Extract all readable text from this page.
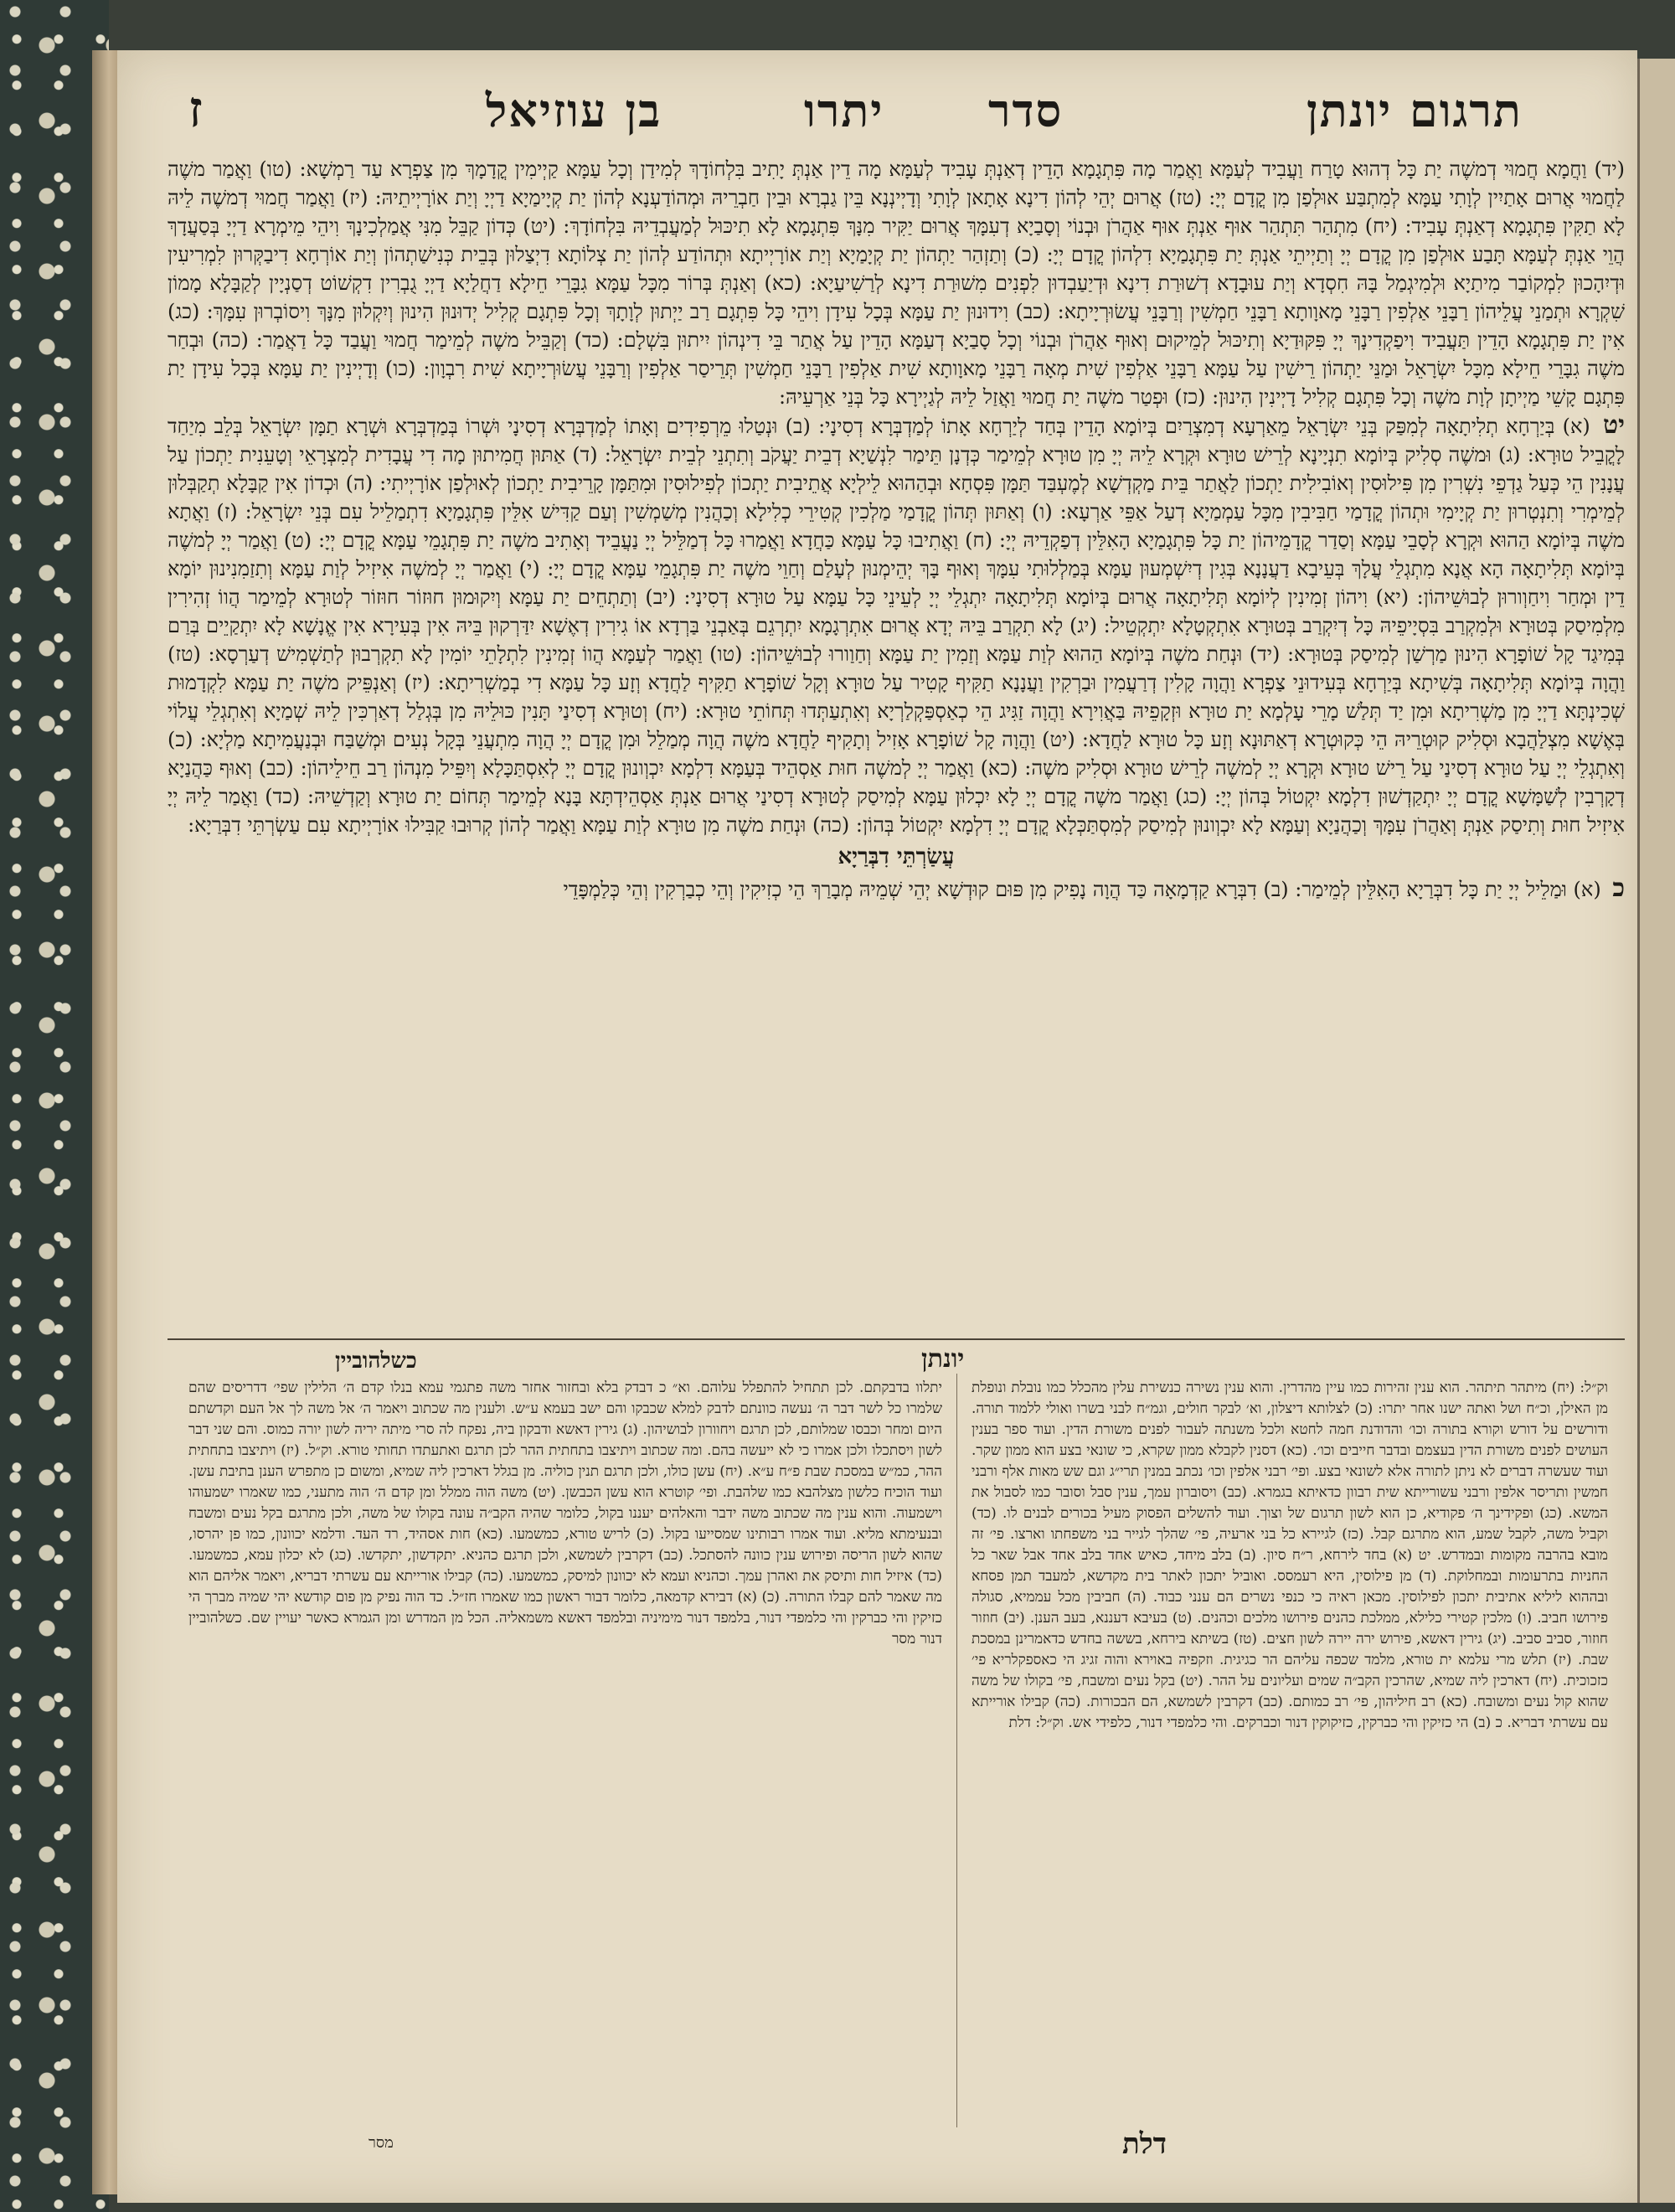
תרגום יונתן
סדר
יתרו
בן עוזיאל
ז

(יד) וַחֲמָא חֲמוּי דְמשֶׁה יַת כָּל דְהוּא טָרַח וַעֲבִיד לְעַמָּא וַאֲמַר מָה פִּתְגָמָא הָדֵין דְאַנְתְּ עָבִיד לְעַמָּא מָה דֵין אַנְתְּ יָתִיב בִּלְחוֹדָךְ לְמִידַן וְכָל עַמָּא קַיְימִין קֳדָמָךְ מִן צַפְרָא עַד רַמְשָׁא: (טו) וַאֲמַר משֶׁה לַחֲמוּי אֲרוּם אָתַיִין לְוָתִי עַמָּא לְמִתְבַּע אוּלְפַן מִן קֳדָם יְיָ: (טז) אֲרוּם יְהֵי לְהוֹן דִינָא אָתָאן לְוָתִי וְדָיְינְנָא בֵּין גַבְרָא וּבֵין חַבְרֵיהּ וּמְהוֹדַעְנָא לְהוֹן יַת קְיָימַיָא דַיְיָ וְיַת אוֹרָיְיתֵיהּ: (יז) וַאֲמַר חֲמוּי דְמשֶׁה לֵיהּ לָא תַקִּין פִּתְגָמָא דְאַנְתְּ עָבִיד: (יח) מִתְהַר תִּתְהַר אוּף אַנְתְּ אוּף אַהֲרֹן וּבְנוֹי וְסָבַיָא דְעִמָּךְ אֲרוּם יַקִּיר מִנָּךְ פִּתְגָמָא לָא תִיכּוּל לְמַעֲבְדֵיהּ בִּלְחוֹדָךְ: (יט) כְּדוֹן קַבֵּל מִנִּי אֲמַלְכִינָךְ וִיהֵי מֵימְרָא דַיְיָ בְּסַעֲדָךְ הֲוֵי אַנְתְּ לְעַמָּא תָּבַע אוּלְפַן מִן קֳדָם יְיָ וְתַיְיתֵי אַנְתְּ יַת פִּתְגָמַיָא דִלְהוֹן קֳדָם יְיָ: (כ) וְתַזְהַר יַתְהוֹן יַת קְיָמַיָא וְיַת אוֹרָיְיתָא וּתְהוֹדַע לְהוֹן יַת צְלוֹתָא דִיְצַלוּן בְּבֵית כְּנִישַׁתְהוֹן וְיַת אוֹרְחָא דִיבַקְּרוּן לִמְרִיעִין וּדְיִהָכוּן לִמְקוֹבַר מִיתַיָא וּלְמִיגְמַל בָּהּ חִסְדָא וְיַת עוּבָדָא דְשׁוּרַת דִינָא וּדְיַעַבְדוּן לִפְנִים מִשׁוּרַת דִינָא לְרַשִׁיעַיָא: (כא) וְאַנְתְּ בְּרוֹר מִכָּל עַמָּא גִבָּרֵי חֵילָא דַחֲלַיָא דַיְיָ גֻבְרִין דִקְשׁוֹט דְסַנְיָין לְקַבָּלָא מָמוֹן שִׁקְרָא וּתְמַנֵי עֲלֵיהוֹן רַבָּנֵי אַלְפִין רַבָּנֵי מָאוָותָא רַבָּנֵי חַמְשִׁין וְרַבָּנֵי עֲשׂוּרְיָיתָא: (כב) וִידוּנוּן יַת עַמָּא בְּכָל עִידָן וִיהֵי כָּל פִּתְגָם רַב יַיְתוּן לְוָתָךְ וְכָל פִּתְגָם קְלִיל יְדוּנוּן הִינוּן וְיִקְלוּן מִנָּךְ וִיסוֹבְרוּן עִמָּךְ: (כג) אִין יַת פִּתְגָמָא הָדֵין תַּעֲבִיד וִיפַקְדִינָךְ יְיָ פִּקּוּדַיָא וְתִיכּוּל לְמֵיקוּם וְאוּף אַהֲרֹן וּבְנוֹי וְכָל סָבַיָא דְעַמָּא הָדֵין עַל אֲתַר בֵּי דִינְהוֹן יִיתוּן בִּשְׁלָם: (כד) וְקַבֵּיל משֶׁה לְמֵימַר חֲמוּי וַעֲבַד כָּל דַאֲמַר: (כה) וּבְחַר משֶׁה גִבָּרֵי חֵילָא מִכָּל יִשְׂרָאֵל וּמַנֵּי יַתְהוֹן רֵישִׁין עַל עַמָּא רַבָּנֵי אַלְפִין שִׁית מְאָה רַבָּנֵי מָאוָותָא שִׁית אַלְפִין רַבָּנֵי חַמְשִׁין תְּרֵיסַר אַלְפִין וְרַבָּנֵי עֲשׂוּרְיָיתָא שִׁית רִבְוָון: (כו) וְדָיְינִין יַת עַמָּא בְּכָל עִידָן יַת פִּתְגָם קָשֵׁי מַיְיתָן לְוָת משֶׁה וְכָל פִּתְגָם קְלִיל דָיְינִין הִינוּן: (כז) וּפְטַר משֶׁה יַת חֲמוּי וַאֲזַל לֵיהּ לְגַיְירָא כָּל בְּנֵי אַרְעֵיהּ:

יט (א) בְּיַרְחָא תְלִיתָאָה לְמִפַּק בְּנֵי יִשְׂרָאֵל מֵאַרְעָא דְמִצְרַיִם בְּיוֹמָא הָדֵין בְּחַד לְיַרְחָא אָתוֹ לְמַדְבְּרָא דְסִינָי: (ב) וּנְטַלוּ מֵרְפִידִים וְאָתוֹ לְמַדְבְּרָא דְסִינָי וּשְׁרוֹ בְּמַדְבְּרָא וּשְׁרָא תַמָּן יִשְׂרָאֵל בְּלֵב מִיַחַד לָקֳבֵיל טוּרָא: (ג) וּמשֶׁה סְלִיק בְּיוֹמָא תִנְיָינָא לְרֵישׁ טוּרָא וּקְרָא לֵיהּ יְיָ מִן טוּרָא לְמֵימַר כְּדְנָן תֵּימַר לִנְשַׁיָא דְבֵית יַעֲקֹב וְתִתְנֵי לְבֵית יִשְׂרָאֵל: (ד) אַתּוּן חֲמִיתוּן מָה דִי עֲבָדִית לְמִצְרָאֵי וְטָעֵנִית יַתְכוֹן עַל עֲנָנִין הֵי כְּעַל גַדְפֵי נִשְׁרִין מִן פִּילוּסִין וְאוֹבִילִית יַתְכוֹן לַאֲתַר בֵּית מַקְדְשָׁא לְמֶעְבַּד תַּמָּן פִּסְחָא וּבְהַהוּא לֵילְיָא אֲתֵיבִית יַתְכוֹן לְפִילוּסִין וּמִתַּמָּן קָרֵיבִית יַתְכוֹן לְאוּלְפַן אוֹרָיְיתִי: (ה) וּכְדוֹן אִין קַבָּלָא תְקַבְּלוּן לְמֵימְרִי וְתִנְטְרוּן יַת קְיָימִי וּתְהוֹן קֳדָמַי חַבִּיבִין מִכָּל עַמְמַיָא דְעַל אַפֵּי אַרְעָא: (ו) וְאַתּוּן תְּהוֹן קֳדָמַי מַלְכִין קְטִירֵי כְלִילָא וְכַהֲנִין מְשַׁמְשִׁין וְעַם קַדִּישׁ אִלֵּין פִּתְגָמַיָא דִתְמַלֵיל עִם בְּנֵי יִשְׂרָאֵל: (ז) וַאֲתָא משֶׁה בְּיוֹמָא הַהוּא וּקְרָא לְסָבֵי עַמָּא וְסַדַר קֳדָמֵיהוֹן יַת כָּל פִּתְגָמַיָא הָאִלֵּין דְפַקְדֵיהּ יְיָ: (ח) וַאֲתִיבוּ כָּל עַמָּא כַּחֲדָא וַאֲמַרוּ כָּל דְמַלֵּיל יְיָ נַעֲבֵיד וְאָתִיב משֶׁה יַת פִּתְגָמֵי עַמָּא קֳדָם יְיָ: (ט) וַאֲמַר יְיָ לְמשֶׁה בְּיוֹמָא תְּלִיתָאָה הָא אֲנָא מִתְגְלֵי עֲלָךְ בְּעֵיבָא דַעֲנָנָא בְּגִין דְיִשְׁמְעוּן עַמָּא בְּמַלְלוּתִי עִמָּךְ וְאוּף בָּךְ יְהֵימְנוּן לְעָלַם וְחַוֵי משֶׁה יַת פִּתְגָמֵי עַמָּא קֳדָם יְיָ: (י) וַאֲמַר יְיָ לְמשֶׁה אִיזִיל לְוַת עַמָּא וְתִזַמִנִינוּן יוֹמָא דֵין וּמְחַר וִיחַוְורוּן לְבוּשֵׁיהוֹן: (יא) וִיהוֹן זְמִינִין לְיוֹמָא תְּלִיתָאָה אֲרוּם בְּיוֹמָא תְּלִיתָאָה יִתְגְלֵי יְיָ לְעֵינֵי כָּל עַמָּא עַל טוּרָא דְסִינָי: (יב) וְתַתְחֵים יַת עַמָּא וְיִקוּמוּן חוּזוֹר חוּזוֹר לְטוּרָא לְמֵימַר הֲווֹ זְהִירִין מִלְמִיסַק בְּטוּרָא וּלְמִקְרַב בִּסְיָיפֵיהּ כָּל דְיִקְרַב בְּטוּרָא אִתְקְטָלָא יִתְקְטֵיל: (יג) לָא תִקְרַב בֵּיהּ יְדָא אֲרוּם אִתְרְגָמָא יִתְרְגֵם בְּאַבְנֵי בַּרְדָא אוֹ גִירִין דְאֶשָׁא יִדַּרְקוּן בֵּיהּ אִין בְּעִירָא אִין אֱנָשָׁא לָא יִתְקַיֵים בְּרַם בְּמִיגַד קָל שׁוֹפָרָא הִינוּן מַרְשַׁן לְמִיסַק בְּטוּרָא: (יד) וּנְחַת משֶׁה בְּיוֹמָא הַהוּא לְוַת עַמָּא וְזַמִין יַת עַמָּא וְחַוַורוּ לְבוּשֵׁיהוֹן: (טו) וַאֲמַר לְעַמָּא הֲווֹ זְמִינִין לִתְלָתֵי יוֹמִין לָא תִקְרְבוּן לְתַשְׁמִישׁ דְעַרְסָא: (טז) וַהֲוָה בְּיוֹמָא תְּלִיתָאָה בְּשִׁיתָא בְּיַרְחָא בְּעִידוּנֵי צַפְרָא וַהֲוָה קָלִין דְרַעֲמִין וּבַרְקִין וַעֲנָנָא תַקִּיף קָטִיר עַל טוּרָא וְקָל שׁוֹפָרָא תַקִּיף לַחֲדָא וְזָע כָּל עַמָּא דִי בְמַשְׁרִיתָא: (יז) וְאַנְפֵּיק משֶׁה יַת עַמָּא לִקְדָמוּת שְׁכִינְתָּא דַיְיָ מִן מַשְׁרִיתָא וּמִן יַד תְּלַשׁ מָרֵי עָלְמָא יַת טוּרָא וּזְקָפֵיהּ בַּאֲוִירָא וַהֲוָה זַגִּיג הֵי כְאַסְפַּקְלַרְיָא וְאִתְעַתְּדוּ תְּחוֹתֵי טוּרָא: (יח) וְטוּרָא דְסִינַי תָּנִין כּוּלֵיהּ מִן בְּגְלַל דְאַרְכִּין לֵיהּ שְׁמַיָא וְאִתְגְלֵי עֲלוֹי בְּאֶשָׁא מִצְלַהֲבָא וּסְלִיק קוּטְרֵיהּ הֵי כְּקוּטְרָא דְאַתּוּנָא וְזָע כָּל טוּרָא לַחֲדָא: (יט) וַהֲוָה קָל שׁוֹפָרָא אָזִיל וְתָקִיף לַחֲדָא משֶׁה הֲוָה מְמַלֵל וּמִן קֳדָם יְיָ הֲוָה מִתְעֲנֵי בְּקָל נְעִים וּמְשַׁבַּח וּבְנַעֲמִיתָא מַלְיָא: (כ) וְאִתְגְלֵי יְיָ עַל טוּרָא דְסִינַי עַל רֵישׁ טוּרָא וּקְרָא יְיָ לְמשֶׁה לְרֵישׁ טוּרָא וּסְלִיק משֶׁה: (כא) וַאֲמַר יְיָ לְמשֶׁה חוּת אַסְהֵיד בְּעַמָּא דִלְמָא יִכְוְונוּן קֳדָם יְיָ לְאִסְתַּכָּלָא וְיִפֵּיל מִנְהוֹן רַב חֵילֵיהוֹן: (כב) וְאוּף כַּהֲנַיָא דְקָרְבִין לְשַׁמָּשָׁא קֳדָם יְיָ יִתְקַדְשׁוּן דִלְמָא יִקְטוֹל בְּהוֹן יְיָ: (כג) וַאֲמַר משֶׁה קֳדָם יְיָ לָא יִכְלוּן עַמָּא לְמִיסַק לְטוּרָא דְסִינַי אֲרוּם אַנְתְּ אַסְהֵידְתָּא בָּנָא לְמֵימַר תְּחוֹם יַת טוּרָא וְקַדְשֵׁיהּ: (כד) וַאֲמַר לֵיהּ יְיָ אִיזִיל חוּת וְתִיסַק אַנְתְּ וְאַהֲרֹן עִמָּךְ וְכַהֲנַיָא וְעַמָּא לָא יִכְוְונוּן לְמִיסַק לְמִסְתַּכְּלָא קֳדָם יְיָ דִלְמָא יִקְטוֹל בְּהוֹן: (כה) וּנְחַת משֶׁה מִן טוּרָא לְוַת עַמָּא וַאֲמַר לְהוֹן קְרוּבוּ קַבִּילוּ אוֹרָיְיתָא עִם עַשְׂרְתֵּי דִבְּרַיָא:

עֲשַׂרְתֵּי דִבְּרַיָא

כ (א) וּמַלֵיל יְיָ יַת כָּל דִבְּרַיָא הָאִלֵּין לְמֵימַר: (ב) דִבְּרָא קַדְמָאָה כַּד הֲוָה נָפִיק מִן פּוּם קוּדְשָׁא יְהֵי שְׁמֵיהּ מְבָרַךְ הֵי כְזִיקִין וְהֵי כְבַרְקִין וְהֵי כְּלַמְפָּדֵי

יונתן
כשלהוביין

וק״ל: (יח) מיתהר תיתהר. הוא ענין זהירות כמו עיין מהדרין. והוא ענין נשירה כנשירת עלין מהכלל כמו נובלת ונופלת מן האילן, וכ״ח ושל ואתה ישנו אחר יתרו: (כ) לצלותא דיצלון, וא׳ לבקר חולים, וגמ״ח לבני בשרו ואולי ללמוד תורה. ודורשים על דורש וקורא בתורה וכו׳ והדודנת חמה לחטא ולכל משנתה לעבור לפנים משורת הדין. ועוד ספר בענין העושים לפנים משורת הדין בעצמם ובדבר חייבים וכו׳. (כא) דסנין לקבלא ממון שקרא, כי שונאי בצע הוא ממון שקר. ועוד שעשרה דברים לא ניתן לתורה אלא לשונאי בצע. ופי׳ רבני אלפין וכו׳ נכתב במנין תרי״ג וגם שש מאות אלף ורבני חמשין ותריסר אלפין ורבני עשורייתא שית רבוון כדאיתא בגמרא. (כב) ויסוברון עמך, ענין סבל וסובר כמו לסבול את המשא. (כג) ופקידינך ה׳ פקודיא, כן הוא לשון תרגום של וצוך. ועוד להשלים הפסוק מעיל בכורים לבנים לו. (כד) וקביל משה, לקבל שמע, הוא מתרגם קבל. (כז) לגיירא כל בני ארעיה, פי׳ שהלך לגייר בני משפחתו וארצו. פי׳ זה מובא בהרבה מקומות ובמדרש. יט (א) בחד לירחא, ר״ח סיון. (ב) בלב מיחד, כאיש אחד בלב אחד אבל שאר כל החניות בתרעומות ובמחלוקת. (ד) מן פילוסין, היא רעמסס. ואוביל יתכון לאתר בית מקדשא, למעבד תמן פסחא ובההוא ליליא אתיבית יתכון לפילוסין. מכאן ראיה כי כנפי נשרים הם ענני כבוד. (ה) חביבין מכל עממיא, סגולה פירושו חביב. (ו) מלכין קטירי כלילא, ממלכת כהנים פירושו מלכים וכהנים. (ט) בעיבא דעננא, בעב הענן. (יב) חוזור חוזור, סביב סביב. (יג) גירין דאשא, פירוש ירה יירה לשון חצים. (טז) בשיתא בירחא, בששה בחדש כדאמרינן במסכת שבת. (יז) תלש מרי עלמא ית טורא, מלמד שכפה עליהם הר כגיגית. וזקפיה באוירא והוה זגיג הי כאספקלריא פי׳ כזכוכית. (יח) דארכין ליה שמיא, שהרכין הקב״ה שמים ועליונים על ההר. (יט) בקל נעים ומשבח, פי׳ בקולו של משה שהוא קול נעים ומשובח. (כא) רב חיליהון, פי׳ רב כמותם. (כב) דקרבין לשמשא, הם הבכורות. (כה) קבילו אורייתא עם עשרתי דבריא. כ (ב) הי כזיקין והי כברקין, כזיקוקין דנור וכברקים. והי כלמפדי דנור, כלפידי אש. וק״ל: דלת

יתלוו בדבקתם. לכן תתחיל להתפלל עלוהם. וא״ כ דבדק בלא ובחזור אחזר משה פתגמי עמא בנלו קדם ה׳ הלילין שפי׳ דדריסים שהם שלמרו כל לשר דבר ה׳ נעשה כוונתם לדבק למלא שכבקו והם ישב בעמא ע״ש. ולענין מה שכתוב ויאמר ה׳ אל משה לך אל העם וקדשתם היום ומחר וכבסו שמלותם, לכן תרגם ויחוורון לבושיהון. (ג) גירין דאשא ודבקון ביה, נפקח לה סרי מיתה יריה לשון יורה כמוס. והם שני דבר לשון ויסתכלו ולכן אמרו כי לא ייעשה בהם. ומה שכתוב ויתיצבו בתחתית ההר לכן תרגם ואתעתדו תחותי טורא. וק״ל. (יז) ויתיצבו בתחתית ההר, כמ״ש במסכת שבת פ״ח ע״א. (יח) עשן כולו, ולכן תרגם תנין כוליה. מן בגלל דארכין ליה שמיא, ומשום כן מתפרש הענן בתיבת עשן. ועוד הוכיח כלשון מצלהבא כמו שלהבת. ופי׳ קוטרא הוא עשן הכבשן. (יט) משה הוה ממלל ומן קדם ה׳ הוה מתעני, כמו שאמרו ישמעוהו וישמעוה. והוא ענין מה שכתוב משה ידבר והאלהים יעננו בקול, כלומר שהיה הקב״ה עונה בקולו של משה, ולכן מתרגם בקל נעים ומשבח ובנעימתא מליא. ועוד אמרו רבותינו שמסייעו בקול. (כ) לריש טורא, כמשמעו. (כא) חות אסהיד, רד העד. ודלמא יכוונון, כמו פן יהרסו, שהוא לשון הריסה ופירוש ענין כוונה להסתכל. (כב) דקרבין לשמשא, ולכן תרגם כהניא. יתקדשון, יתקדשו. (כג) לא יכלון עמא, כמשמעו. (כד) איזיל חות ותיסק את ואהרן עמך. וכהניא ועמא לא יכוונון למיסק, כמשמעו. (כה) קבילו אורייתא עם עשרתי דבריא, ויאמר אליהם הוא מה שאמר להם קבלו התורה. (כ) (א) דבירא קדמאה, כלומר דבור ראשון כמו שאמרו חז״ל. כד הוה נפיק מן פום קודשא יהי שמיה מברך הי כזיקין והי כברקין והי כלמפדי דנור, בלמפד דנור מימיניה ובלמפד דאשא משמאליה. הכל מן המדרש ומן הגמרא כאשר יעויין שם. כשלהוביין דנור מסר

דלת
מסר
